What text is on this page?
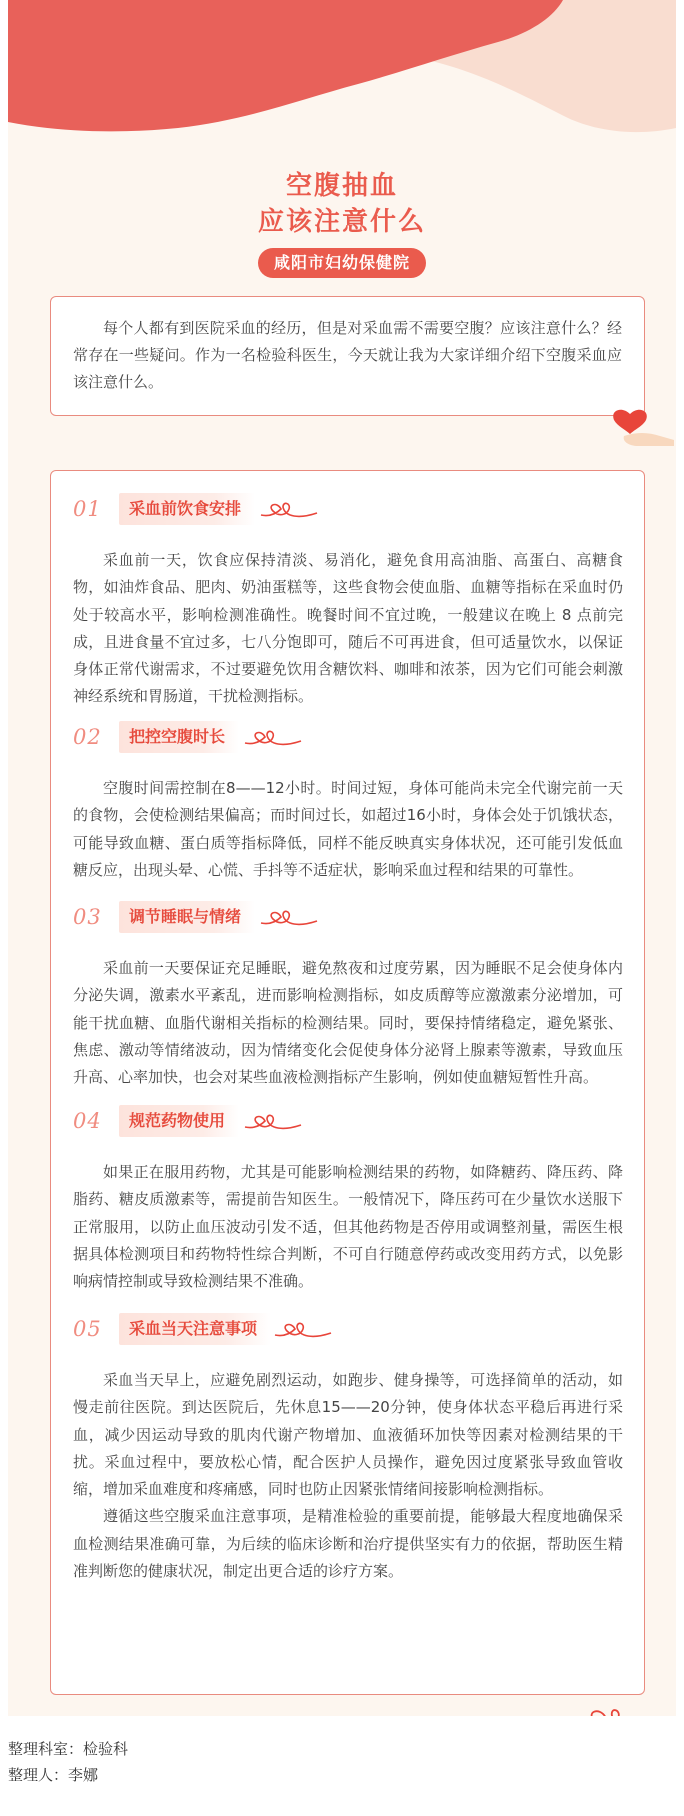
空腹抽血
应该注意什么
咸阳市妇幼保健院

每个人都有到医院采血的经历，但是对采血需不需要空腹？应该注意什么？经常存在一些疑问。作为一名检验科医生，今天就让我为大家详细介绍下空腹采血应该注意什么。

01	采血前饮食安排

采血前一天，饮食应保持清淡、易消化，避免食用高油脂、高蛋白、高糖食物，如油炸食品、肥肉、奶油蛋糕等，这些食物会使血脂、血糖等指标在采血时仍处于较高水平，影响检测准确性。晚餐时间不宜过晚，一般建议在晚上 8 点前完成，且进食量不宜过多，七八分饱即可，随后不可再进食，但可适量饮水，以保证身体正常代谢需求，不过要避免饮用含糖饮料、咖啡和浓茶，因为它们可能会刺激神经系统和胃肠道，干扰检测指标。

02	把控空腹时长

空腹时间需控制在8——12小时。时间过短，身体可能尚未完全代谢完前一天的食物，会使检测结果偏高；而时间过长，如超过16小时，身体会处于饥饿状态，可能导致血糖、蛋白质等指标降低，同样不能反映真实身体状况，还可能引发低血糖反应，出现头晕、心慌、手抖等不适症状，影响采血过程和结果的可靠性。

03	调节睡眠与情绪

采血前一天要保证充足睡眠，避免熬夜和过度劳累，因为睡眠不足会使身体内分泌失调，激素水平紊乱，进而影响检测指标，如皮质醇等应激激素分泌增加，可能干扰血糖、血脂代谢相关指标的检测结果。同时，要保持情绪稳定，避免紧张、焦虑、激动等情绪波动，因为情绪变化会促使身体分泌肾上腺素等激素，导致血压升高、心率加快，也会对某些血液检测指标产生影响，例如使血糖短暂性升高。

04	规范药物使用

如果正在服用药物，尤其是可能影响检测结果的药物，如降糖药、降压药、降脂药、糖皮质激素等，需提前告知医生。一般情况下，降压药可在少量饮水送服下正常服用，以防止血压波动引发不适，但其他药物是否停用或调整剂量，需医生根据具体检测项目和药物特性综合判断，不可自行随意停药或改变用药方式，以免影响病情控制或导致检测结果不准确。

05	采血当天注意事项

采血当天早上，应避免剧烈运动，如跑步、健身操等，可选择简单的活动，如慢走前往医院。到达医院后，先休息15——20分钟，使身体状态平稳后再进行采血，减少因运动导致的肌肉代谢产物增加、血液循环加快等因素对检测结果的干扰。采血过程中，要放松心情，配合医护人员操作，避免因过度紧张导致血管收缩，增加采血难度和疼痛感，同时也防止因紧张情绪间接影响检测指标。

遵循这些空腹采血注意事项，是精准检验的重要前提，能够最大程度地确保采血检测结果准确可靠，为后续的临床诊断和治疗提供坚实有力的依据，帮助医生精准判断您的健康状况，制定出更合适的诊疗方案。

整理科室：检验科
整理人：李娜
